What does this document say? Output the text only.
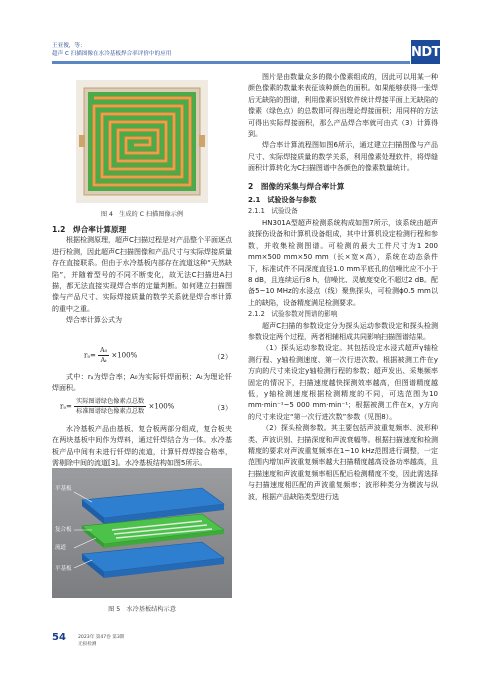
王亚俊，等：
超声 C 扫描图像在水冷基板焊合率评价中的应用	NDT
图 4　生成的 C 扫描图像示例

1.2　焊合率计算原理

根据检测原理，超声C扫描过程是对产品整个平面逐点进行检测，因此超声C扫描图像和产品尺寸与实际焊接质量存在直接联系。但由于水冷基板内部存在流道这种“天然缺陷”，并随着型号的不同不断变化，故无法C扫描进A扫描，都无法直接实现焊合率的定量判断。如何建立扫描图像与产品尺寸、实际焊接质量的数学关系就是焊合率计算的重中之重。

焊合率计算公式为

$r_a= \frac{\text{A₀}}{\text{Aₜ}} \times 100\%$	（2）

式中：rₐ为焊合率；A₀为实际钎焊面积；Aₜ为理论钎焊面积。

$r_a= \frac{\text{实际图谱绿色像素点总数}}{\text{标准图谱绿色像素点总数}} \times 100\%$	（3）

水冷基板产品由基板、复合板两部分组成，复合板夹在两块基板中间作为焊料，通过钎焊结合为一体。水冷基板产品中间有未进行钎焊的流道，计算钎焊焊接合格率，需剔除中间的流道[3]。水冷基板结构如图5所示。

平基板
复合板
流道
平基板
图 5　水冷基板结构示意

图片是由数量众多的微小像素组成的，因此可以用某一种颜色像素的数量来表征该种颜色的面积。如果能够获得一张焊后无缺陷的图谱，利用像素识别软件统计焊接平面上无缺陷的像素（绿色点）的总数即可得出理论焊接面积；用同样的方法可得出实际焊接面积，那么产品焊合率就可由式（3）计算得到。

焊合率计算流程图如图6所示，通过建立扫描图像与产品尺寸、实际焊接质量的数学关系，利用像素处理软件，将焊缝面积计算转化为C扫描图谱中各颜色的像素数量统计。

2　图像的采集与焊合率计算

2.1　试验设备与参数

2.1.1　试验设备

HN301A型超声检测系统构成如图7所示，该系统由超声波探伤设备和计算机设备组成，其中计算机设定检测行程和参数，并收集检测图谱。可检测的最大工件尺寸为1 200 mm×500 mm×50 mm（长×宽×高），系统在动态条件下，标准试件不同深度直径1.0 mm平底孔的信噪比应不小于8 dB，且连续运行8 h，信噪比、灵敏度变化不超过2 dB。配备5~10 MHz的水浸点（线）聚焦探头，可检测ϕ0.5 mm以上的缺陷，设备精度满足检测要求。

2.1.2　试验参数对图谱的影响

超声C扫描的参数设定分为探头运动参数设定和探头检测参数设定两个过程，两者相辅相成共同影响扫描图谱结果。

（1）探头运动参数设定。其包括设定水浸式超声γ轴检测行程、y轴检测速度、第一次行进次数。根据被测工件在y方向的尺寸来设定y轴检测行程的参数；超声发出、采集频率固定的情况下，扫描速度越快探测效率越高，但图谱精度越低，y轴检测速度根据检测精度的不同，可选范围为10 mm·min⁻¹~5 000 mm·min⁻¹；根据被测工件在x，y方向的尺寸来设定“第一次行进次数”参数（见图8）。

（2）探头检测参数。其主要包括声波重复频率、波形种类、声波识别、扫描深度和声波衰幅等。根据扫描速度和检测精度的要求对声波重复频率在1~10 kHz范围进行调整，一定范围内增加声波重复频率越大扫描精度越高设备功率越高，且扫描速度和声波重复频率相匹配后检测精度不变，因此需选择与扫描速度相匹配的声波重复频率；波形种类分为横波与纵波，根据产品缺陷类型进行选

54	2023年 第47卷 第3期
无损检测
